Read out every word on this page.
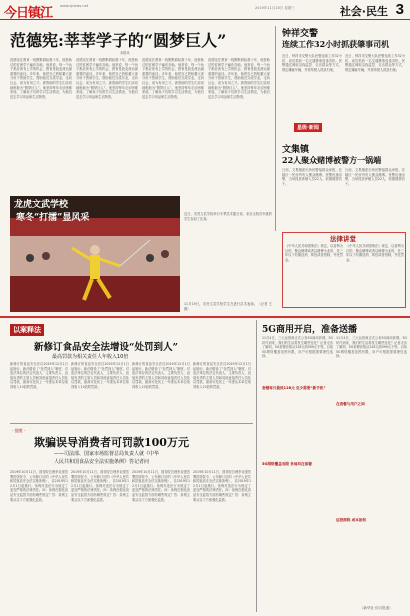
今日镇江 www.zjnews.net	2019年11月20日 星期三	社会·民生 3
范德宪:莘莘学子的“圆梦巨人”
本报讯
范德宪在教育一线默默耕耘数十年，他资助过的贫困学子遍布各地。他常说，每一个孩子都应该有上学的机会，教育是改变命运最重要的途径。多年来，他把自己的积蓄大部分用于资助学生，帮助他们完成学业，走向社会，成为有用之才。被资助的学生们亲切地称他为“圆梦巨人”。他坚持每年走访困难家庭，了解孩子们的学习生活情况，为他们送去学习用品和生活物资。
范德宪在教育一线默默耕耘数十年，他资助过的贫困学子遍布各地。他常说，每一个孩子都应该有上学的机会，教育是改变命运最重要的途径。多年来，他把自己的积蓄大部分用于资助学生，帮助他们完成学业，走向社会，成为有用之才。被资助的学生们亲切地称他为“圆梦巨人”。他坚持每年走访困难家庭，了解孩子们的学习生活情况，为他们送去学习用品和生活物资。
范德宪在教育一线默默耕耘数十年，他资助过的贫困学子遍布各地。他常说，每一个孩子都应该有上学的机会，教育是改变命运最重要的途径。多年来，他把自己的积蓄大部分用于资助学生，帮助他们完成学业，走向社会，成为有用之才。被资助的学生们亲切地称他为“圆梦巨人”。他坚持每年走访困难家庭，了解孩子们的学习生活情况，为他们送去学习用品和生活物资。
范德宪在教育一线默默耕耘数十年，他资助过的贫困学子遍布各地。他常说，每一个孩子都应该有上学的机会，教育是改变命运最重要的途径。多年来，他把自己的积蓄大部分用于资助学生，帮助他们完成学业，走向社会，成为有用之才。被资助的学生们亲切地称他为“圆梦巨人”。他坚持每年走访困难家庭，了解孩子们的学习生活情况，为他们送去学习用品和生活物资。
钟祥交警
连续工作32小时抓获肇事司机
近日，钟祥市交警大队民警连续工作32小时，成功抓获一名交通肇事逃逸司机。民警通过调取沿线监控、走访群众等方式，锁定嫌疑车辆，并将驾驶人抓获归案。
近日，钟祥市交警大队民警连续工作32小时，成功抓获一名交通肇事逃逸司机。民警通过调取沿线监控、走访群众等方式，锁定嫌疑车辆，并将驾驶人抓获归案。
星级·新闻
文集镇
22人聚众赌博被警方一锅端
日前，文集镇派出所民警接群众举报，在辖区一民房内有人聚众赌博。民警迅速出警，当场抓获涉赌人员22人，收缴赌资若干。
日前，文集镇派出所民警接群众举报，在辖区一民房内有人聚众赌博。民警迅速出警，当场抓获涉赌人员22人，收缴赌资若干。
法律讲堂
《中华人民共和国刑法》规定，以营利为目的，聚众赌博或者以赌博为业的，处三年以下有期徒刑、拘役或者管制，并处罚金。
《中华人民共和国刑法》规定，以营利为目的，聚众赌博或者以赌博为业的，处三年以下有期徒刑、拘役或者管制，并处罚金。
龙虎文武学校
寒冬“打擂”显风采	近日，龙虎文武学校举行冬季武术擂台赛，来自全校各年级的学生参加了比赛。
11月19日，龙虎文武学校学生在进行武术表演。（记者 王 摄）
以案释法
新修订食品安全法增设“处罚到人”
最高罚款为相关责任人年收入10倍
新修订的食品安全法自2019年12月1日起施行。新法增设了“处罚到人”制度，对违法单位的法定代表人、主要负责人、直接负责的主管人员和其他直接责任人员处以罚款，最高可处其上一年度从本单位取得收入10倍的罚款。
新修订的食品安全法自2019年12月1日起施行。新法增设了“处罚到人”制度，对违法单位的法定代表人、主要负责人、直接负责的主管人员和其他直接责任人员处以罚款，最高可处其上一年度从本单位取得收入10倍的罚款。
新修订的食品安全法自2019年12月1日起施行。新法增设了“处罚到人”制度，对违法单位的法定代表人、主要负责人、直接负责的主管人员和其他直接责任人员处以罚款，最高可处其上一年度从本单位取得收入10倍的罚款。
新修订的食品安全法自2019年12月1日起施行。新法增设了“处罚到人”制度，对违法单位的法定代表人、主要负责人、直接负责的主管人员和其他直接责任人员处以罚款，最高可处其上一年度从本单位取得收入10倍的罚款。
· 提醒 ·
欺骗误导消费者可罚款100万元
——司法部、国家市场监督总局负责人就《中华
人民共和国食品安全法实施条例》答记者问
2019年10月11日，国务院总理李克强签署国务院令，公布修订后的《中华人民共和国食品安全法实施条例》，自2019年12月1日起施行。条例对违法行为规定了更加严格的法律责任。问：条例在强化食品安全监管方面有哪些规定？答：条例主要从以下方面强化监管。
2019年10月11日，国务院总理李克强签署国务院令，公布修订后的《中华人民共和国食品安全法实施条例》，自2019年12月1日起施行。条例对违法行为规定了更加严格的法律责任。问：条例在强化食品安全监管方面有哪些规定？答：条例主要从以下方面强化监管。
2019年10月11日，国务院总理李克强签署国务院令，公布修订后的《中华人民共和国食品安全法实施条例》，自2019年12月1日起施行。条例对违法行为规定了更加严格的法律责任。问：条例在强化食品安全监管方面有哪些规定？答：条例主要从以下方面强化监管。
2019年10月11日，国务院总理李克强签署国务院令，公布修订后的《中华人民共和国食品安全法实施条例》，自2019年12月1日起施行。条例对违法行为规定了更加严格的法律责任。问：条例在强化食品安全监管方面有哪些规定？答：条例主要从以下方面强化监管。
5G商用开启，准备送播
11月4日，三大运营商正式公布5G商用套餐。5G时代到来，我们的生活将发生哪些变化？记者走访了解到，5G套餐价格从128元到599元不等。目前5G网络覆盖范围有限，用户可根据需要理性选择。
11月4日，三大运营商正式公布5G商用套餐。5G时代到来，我们的生活将发生哪些变化？记者走访了解到，5G套餐价格从128元到599元不等。目前5G网络覆盖范围有限，用户可根据需要理性选择。
套餐每月最低128元 至少需要“新手机”
5G网络覆盖有限 各地均在部署
在套餐与用户之间
运营商称 成本如何
（新华社 综合报道）
